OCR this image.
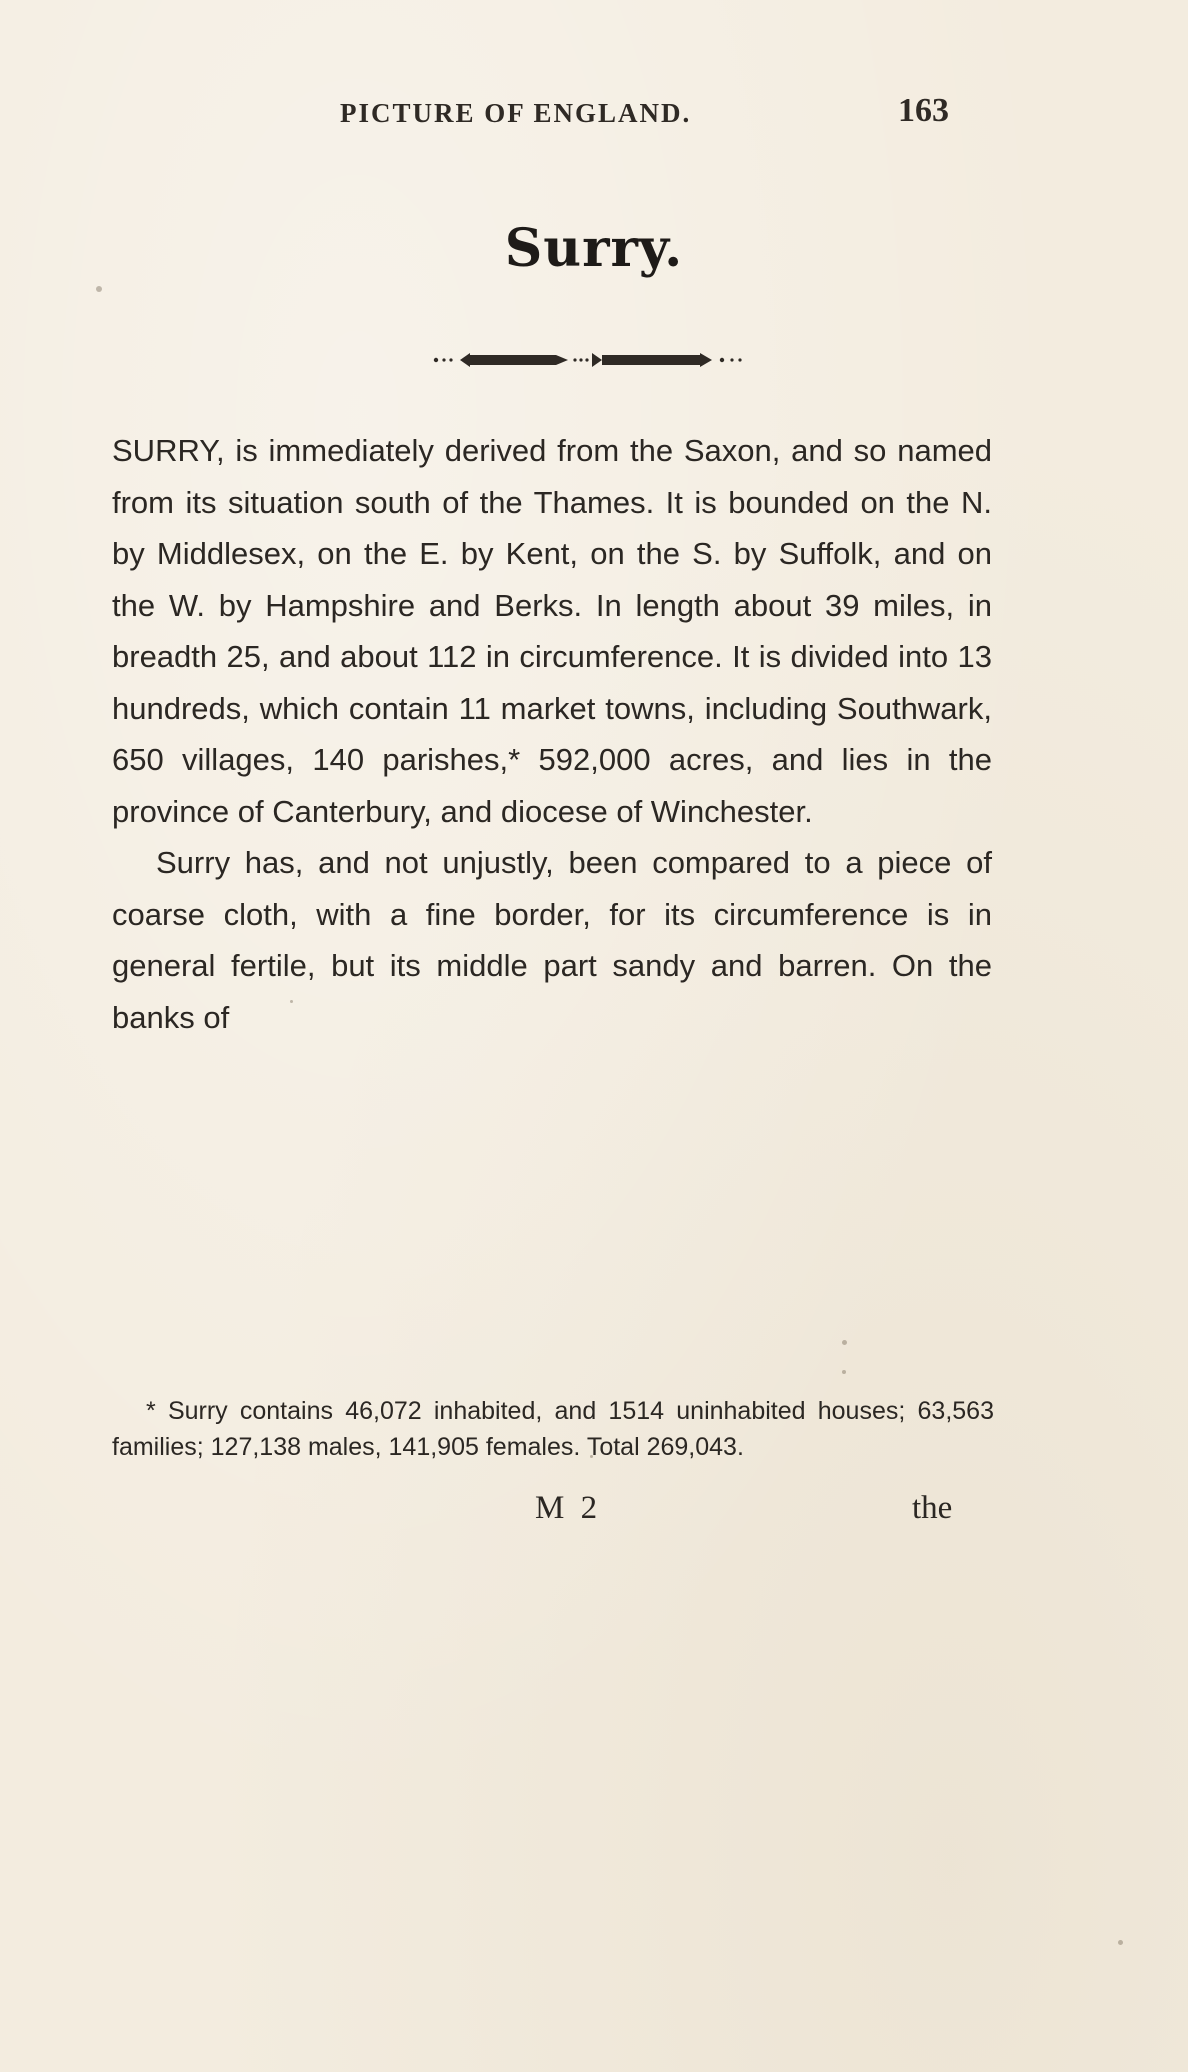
PICTURE OF ENGLAND.	163
Surry.

SURRY, is immediately derived from the Saxon, and so named from its situation south of the Thames. It is bounded on the N. by Middlesex, on the E. by Kent, on the S. by Suffolk, and on the W. by Hampshire and Berks. In length about 39 miles, in breadth 25, and about 112 in circumference. It is divided into 13 hundreds, which contain 11 market towns, including Southwark, 650 villages, 140 parishes,* 592,000 acres, and lies in the province of Canterbury, and diocese of Winchester.

Surry has, and not unjustly, been compared to a piece of coarse cloth, with a fine border, for its circumference is in general fertile, but its middle part sandy and barren. On the banks of

* Surry contains 46,072 inhabited, and 1514 uninhabited houses; 63,563 families; 127,138 males, 141,905 females. Total 269,043.
M 2	the
